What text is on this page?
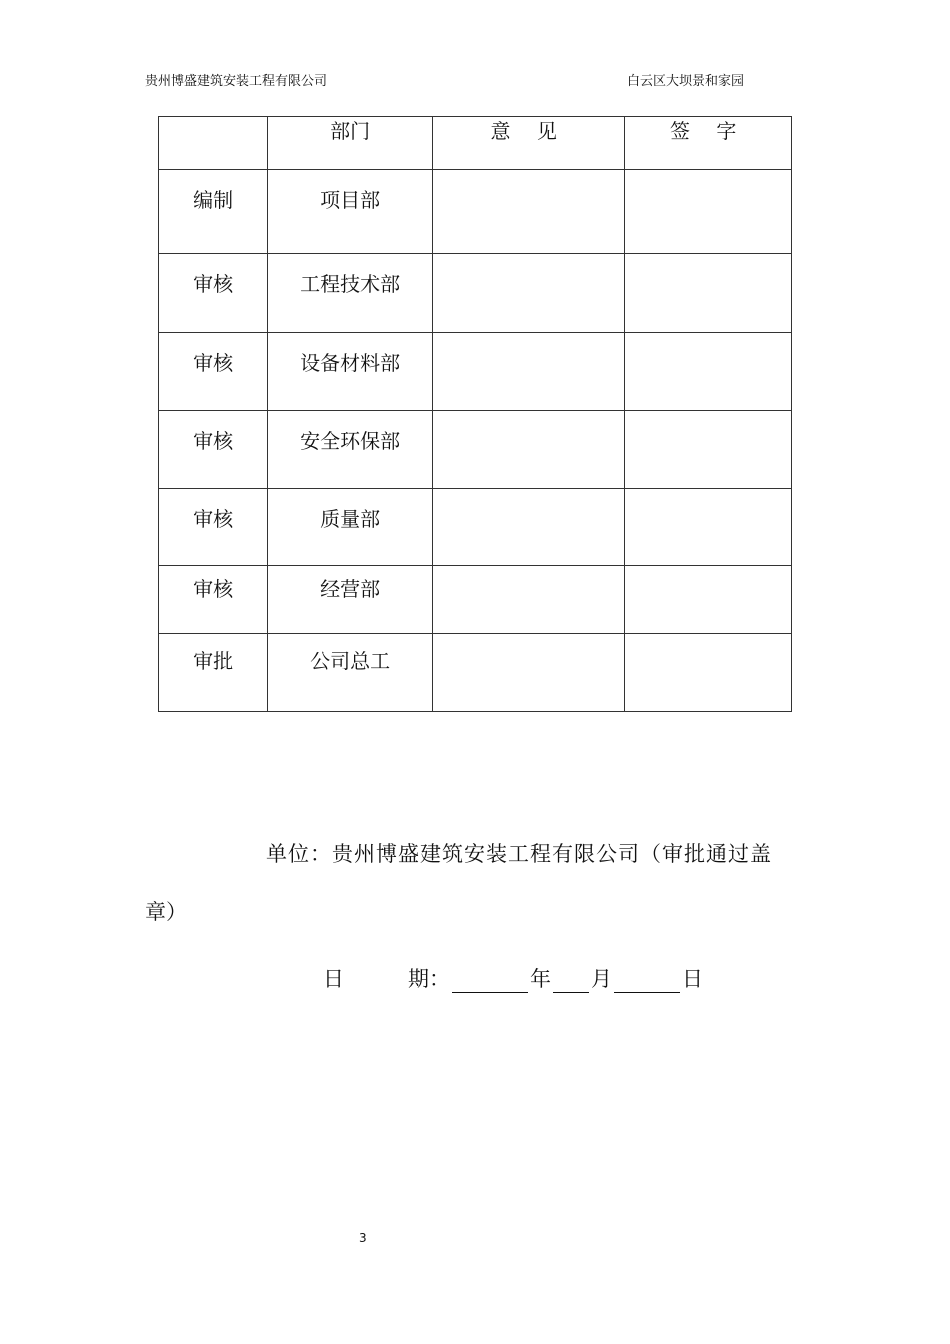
贵州博盛建筑安装工程有限公司	白云区大坝景和家园
	部门	意 见	签 字
编制	项目部		
审核	工程技术部		
审核	设备材料部		
审核	安全环保部		
审核	质量部		
审核	经营部		
审批	公司总工		
单位：贵州博盛建筑安装工程有限公司（审批通过盖
章）
日	期：	年 月	日
3
